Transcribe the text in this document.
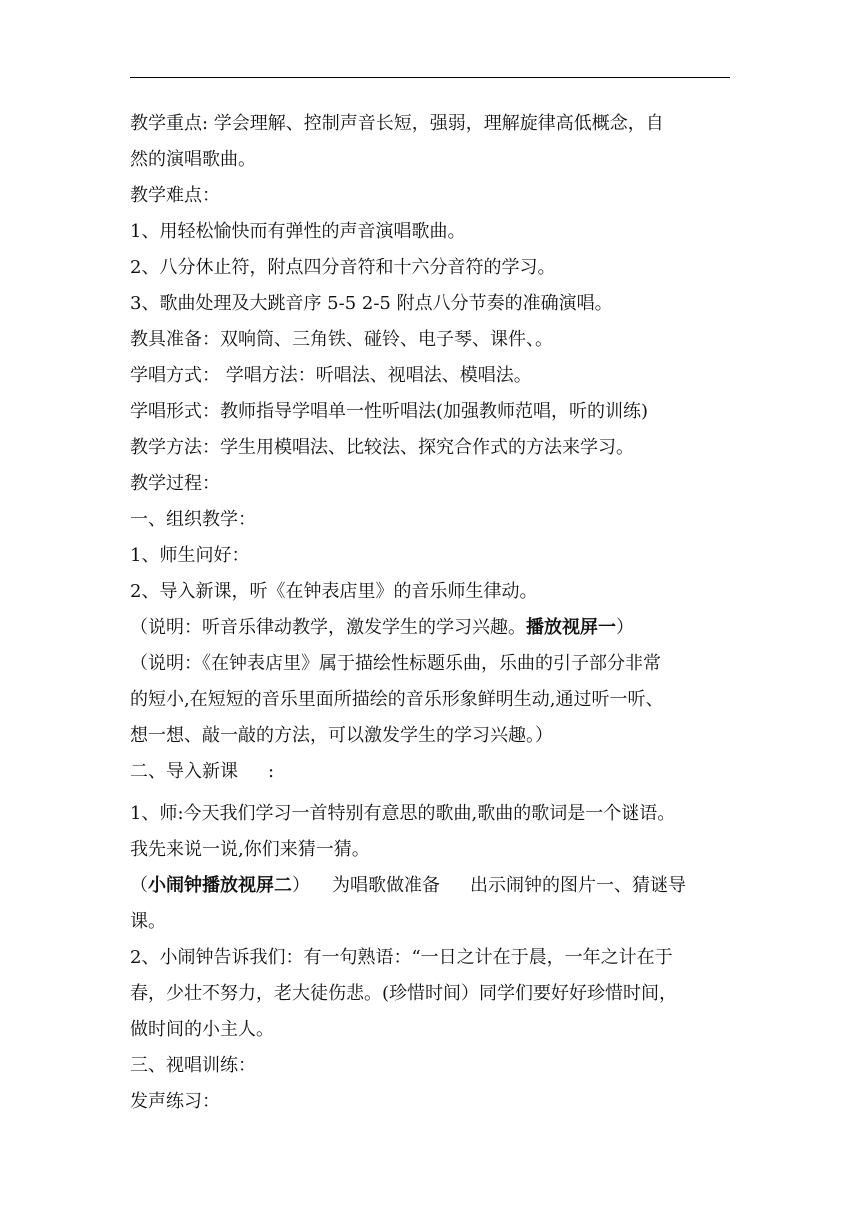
教学重点: 学会理解、控制声音长短，强弱，理解旋律高低概念，自
然的演唱歌曲。
教学难点：
1、用轻松愉快而有弹性的声音演唱歌曲。
2、八分休止符，附点四分音符和十六分音符的学习。
3、歌曲处理及大跳音序 5-5 2-5 附点八分节奏的准确演唱。
教具准备：双响筒、三角铁、碰铃、电子琴、课件、。
学唱方式： 学唱方法：听唱法、视唱法、模唱法。
学唱形式：教师指导学唱单一性听唱法(加强教师范唱，听的训练)
教学方法：学生用模唱法、比较法、探究合作式的方法来学习。
教学过程：
一、组织教学：
1、师生问好：
2、导入新课，听《在钟表店里》的音乐师生律动。
（说明：听音乐律动教学，激发学生的学习兴趣。播放视屏一）
（说明：《在钟表店里》属于描绘性标题乐曲，乐曲的引子部分非常
的短小,在短短的音乐里面所描绘的音乐形象鲜明生动,通过听一听、
想一想、敲一敲的方法，可以激发学生的学习兴趣。）
二、导入新课 :
1、师:今天我们学习一首特别有意思的歌曲,歌曲的歌词是一个谜语。
我先来说一说,你们来猜一猜。
（小闹钟播放视屏二） 为唱歌做准备 出示闹钟的图片一、猜谜导
课。
2、小闹钟告诉我们：有一句熟语：“一日之计在于晨，一年之计在于
春，少壮不努力，老大徒伤悲。(珍惜时间）同学们要好好珍惜时间，
做时间的小主人。
三、视唱训练：
发声练习：
